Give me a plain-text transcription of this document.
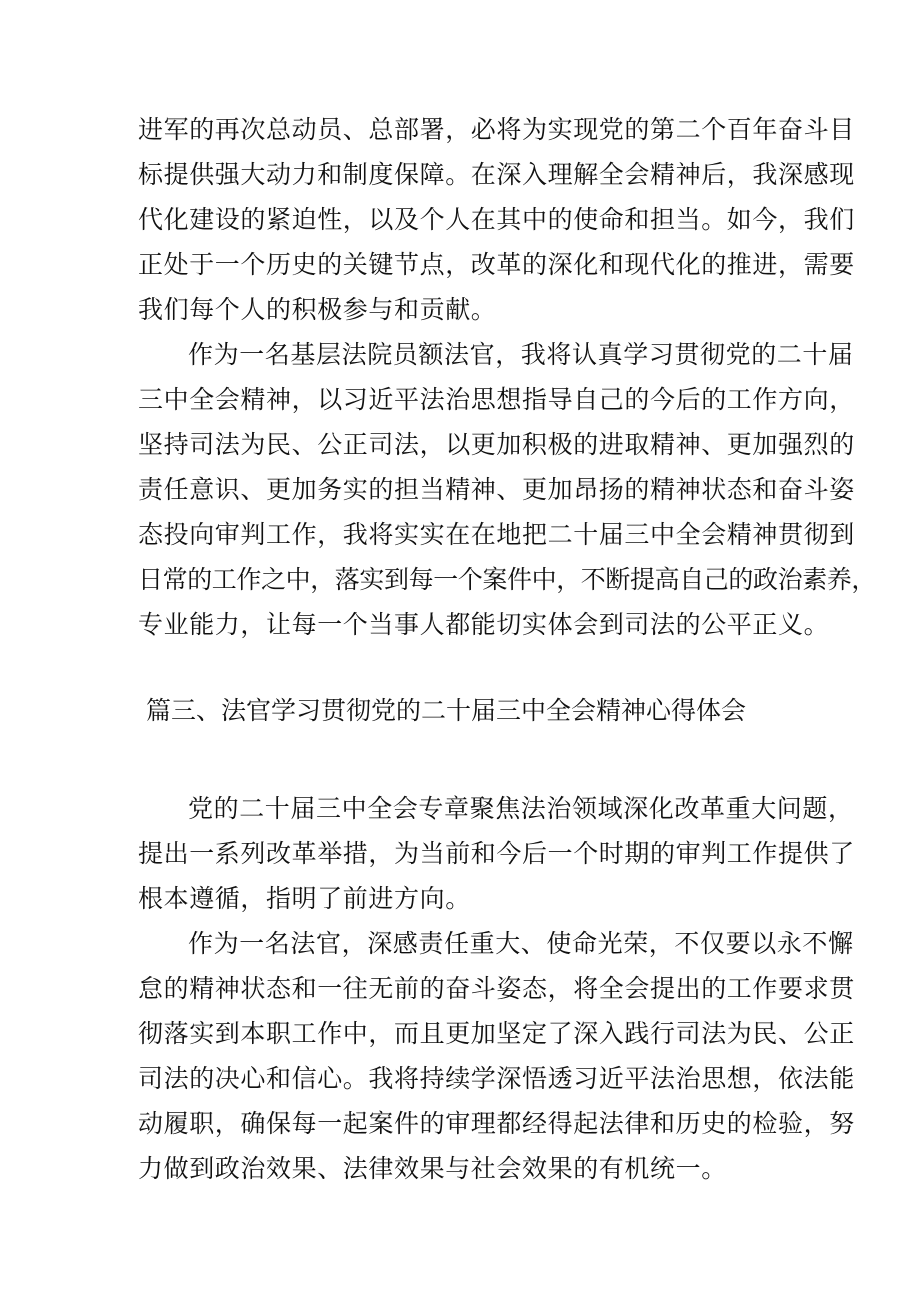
进军的再次总动员、总部署，必将为实现党的第二个百年奋斗目
标提供强大动力和制度保障。在深入理解全会精神后，我深感现
代化建设的紧迫性，以及个人在其中的使命和担当。如今，我们
正处于一个历史的关键节点，改革的深化和现代化的推进，需要
我们每个人的积极参与和贡献。
作为一名基层法院员额法官，我将认真学习贯彻党的二十届
三中全会精神，以习近平法治思想指导自己的今后的工作方向，
坚持司法为民、公正司法，以更加积极的进取精神、更加强烈的
责任意识、更加务实的担当精神、更加昂扬的精神状态和奋斗姿
态投向审判工作，我将实实在在地把二十届三中全会精神贯彻到
日常的工作之中，落实到每一个案件中，不断提高自己的政治素养，
专业能力，让每一个当事人都能切实体会到司法的公平正义。
篇三、法官学习贯彻党的二十届三中全会精神心得体会
党的二十届三中全会专章聚焦法治领域深化改革重大问题，
提出一系列改革举措，为当前和今后一个时期的审判工作提供了
根本遵循，指明了前进方向。
作为一名法官，深感责任重大、使命光荣，不仅要以永不懈
怠的精神状态和一往无前的奋斗姿态，将全会提出的工作要求贯
彻落实到本职工作中，而且更加坚定了深入践行司法为民、公正
司法的决心和信心。我将持续学深悟透习近平法治思想，依法能
动履职，确保每一起案件的审理都经得起法律和历史的检验，努
力做到政治效果、法律效果与社会效果的有机统一。
